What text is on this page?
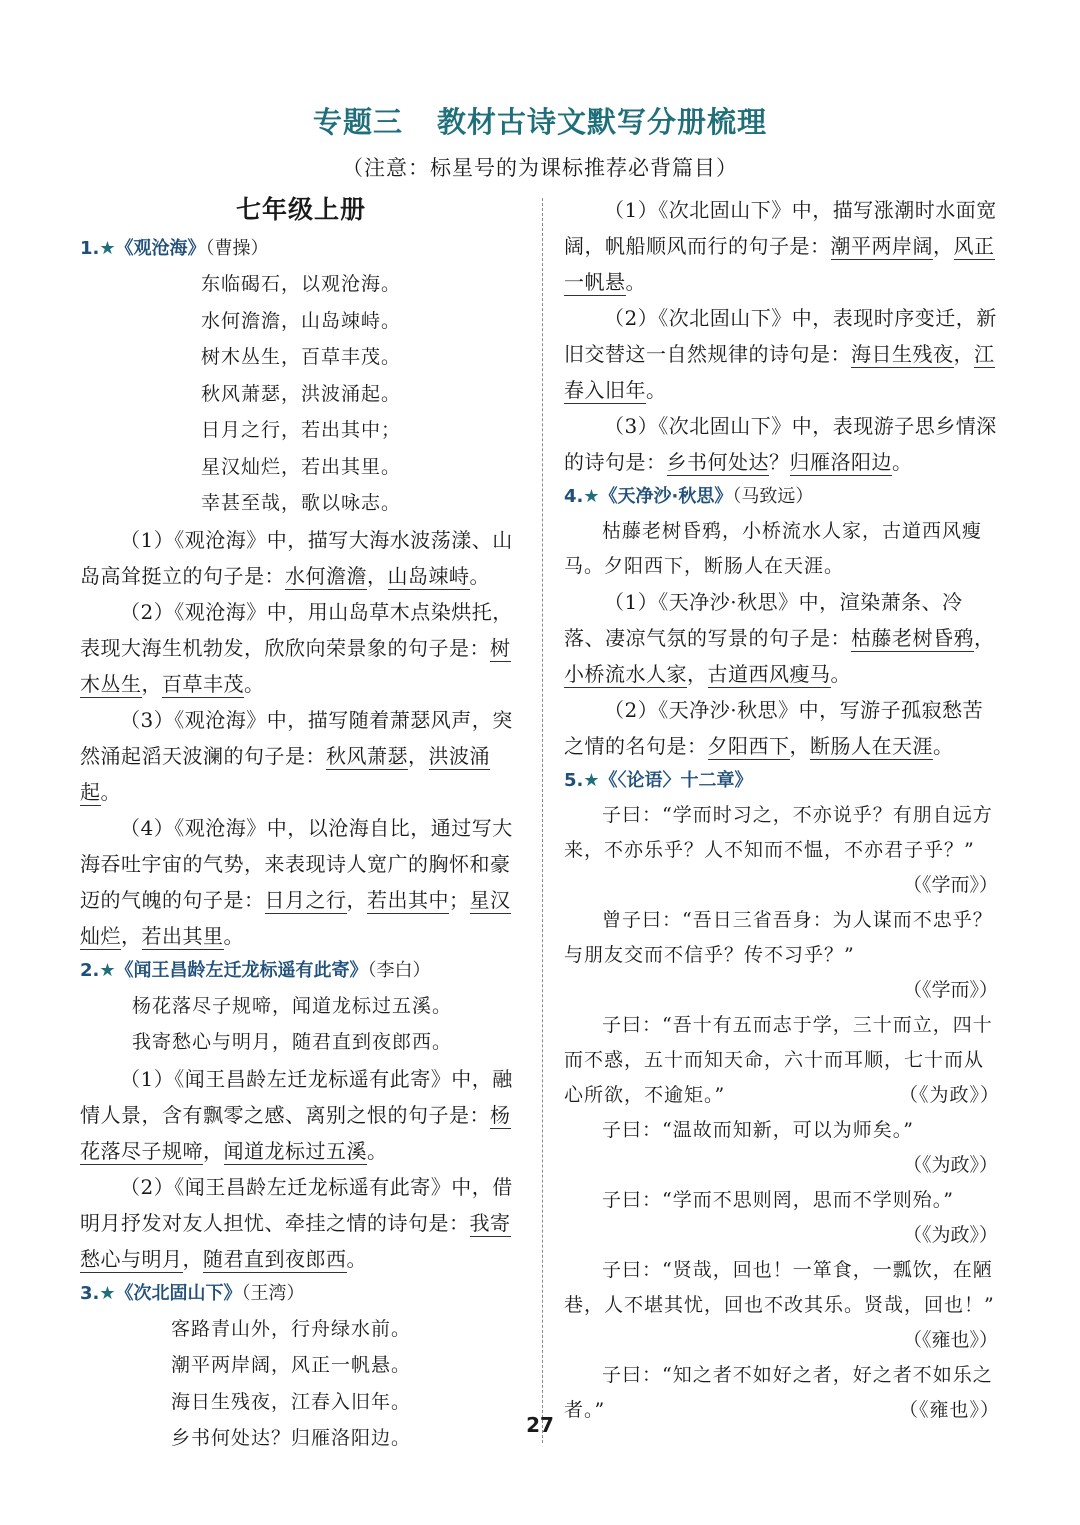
专题三 教材古诗文默写分册梳理
（注意：标星号的为课标推荐必背篇目）
七年级上册

1.★《观沧海》（曹操）

东临碣石，以观沧海。
水何澹澹，山岛竦峙。
树木丛生，百草丰茂。
秋风萧瑟，洪波涌起。
日月之行，若出其中；
星汉灿烂，若出其里。
幸甚至哉，歌以咏志。

（1）《观沧海》中，描写大海水波荡漾、山岛高耸挺立的句子是：水何澹澹，山岛竦峙。

（2）《观沧海》中，用山岛草木点染烘托，表现大海生机勃发，欣欣向荣景象的句子是：树木丛生，百草丰茂。

（3）《观沧海》中，描写随着萧瑟风声，突然涌起滔天波澜的句子是：秋风萧瑟，洪波涌起。

（4）《观沧海》中，以沧海自比，通过写大海吞吐宇宙的气势，来表现诗人宽广的胸怀和豪迈的气魄的句子是：日月之行，若出其中；星汉灿烂，若出其里。

2.★《闻王昌龄左迁龙标遥有此寄》（李白）

杨花落尽子规啼，闻道龙标过五溪。
我寄愁心与明月，随君直到夜郎西。

（1）《闻王昌龄左迁龙标遥有此寄》中，融情人景，含有飘零之感、离别之恨的句子是：杨花落尽子规啼，闻道龙标过五溪。

（2）《闻王昌龄左迁龙标遥有此寄》中，借明月抒发对友人担忧、牵挂之情的诗句是：我寄愁心与明月，随君直到夜郎西。

3.★《次北固山下》（王湾）

客路青山外，行舟绿水前。
潮平两岸阔，风正一帆悬。
海日生残夜，江春入旧年。
乡书何处达？归雁洛阳边。

（1）《次北固山下》中，描写涨潮时水面宽阔，帆船顺风而行的句子是：潮平两岸阔，风正一帆悬。

（2）《次北固山下》中，表现时序变迁，新旧交替这一自然规律的诗句是：海日生残夜，江春入旧年。

（3）《次北固山下》中，表现游子思乡情深的诗句是：乡书何处达？归雁洛阳边。

4.★《天净沙·秋思》（马致远）

枯藤老树昏鸦，小桥流水人家，古道西风瘦马。夕阳西下，断肠人在天涯。

（1）《天净沙·秋思》中，渲染萧条、冷落、凄凉气氛的写景的句子是：枯藤老树昏鸦，小桥流水人家，古道西风瘦马。

（2）《天净沙·秋思》中，写游子孤寂愁苦之情的名句是：夕阳西下，断肠人在天涯。

5.★《〈论语〉十二章》

子曰：“学而时习之，不亦说乎？有朋自远方来，不亦乐乎？人不知而不愠，不亦君子乎？”

（《学而》）

曾子曰：“吾日三省吾身：为人谋而不忠乎？与朋友交而不信乎？传不习乎？”

（《学而》）

子曰：“吾十有五而志于学，三十而立，四十而不惑，五十而知天命，六十而耳顺，七十而从心所欲，不逾矩。”	（《为政》）

子曰：“温故而知新，可以为师矣。”

（《为政》）

子曰：“学而不思则罔，思而不学则殆。”

（《为政》）

子曰：“贤哉，回也！一箪食，一瓢饮，在陋巷，人不堪其忧，回也不改其乐。贤哉，回也！”

（《雍也》）

子曰：“知之者不如好之者，好之者不如乐之者。”	（《雍也》）

27
